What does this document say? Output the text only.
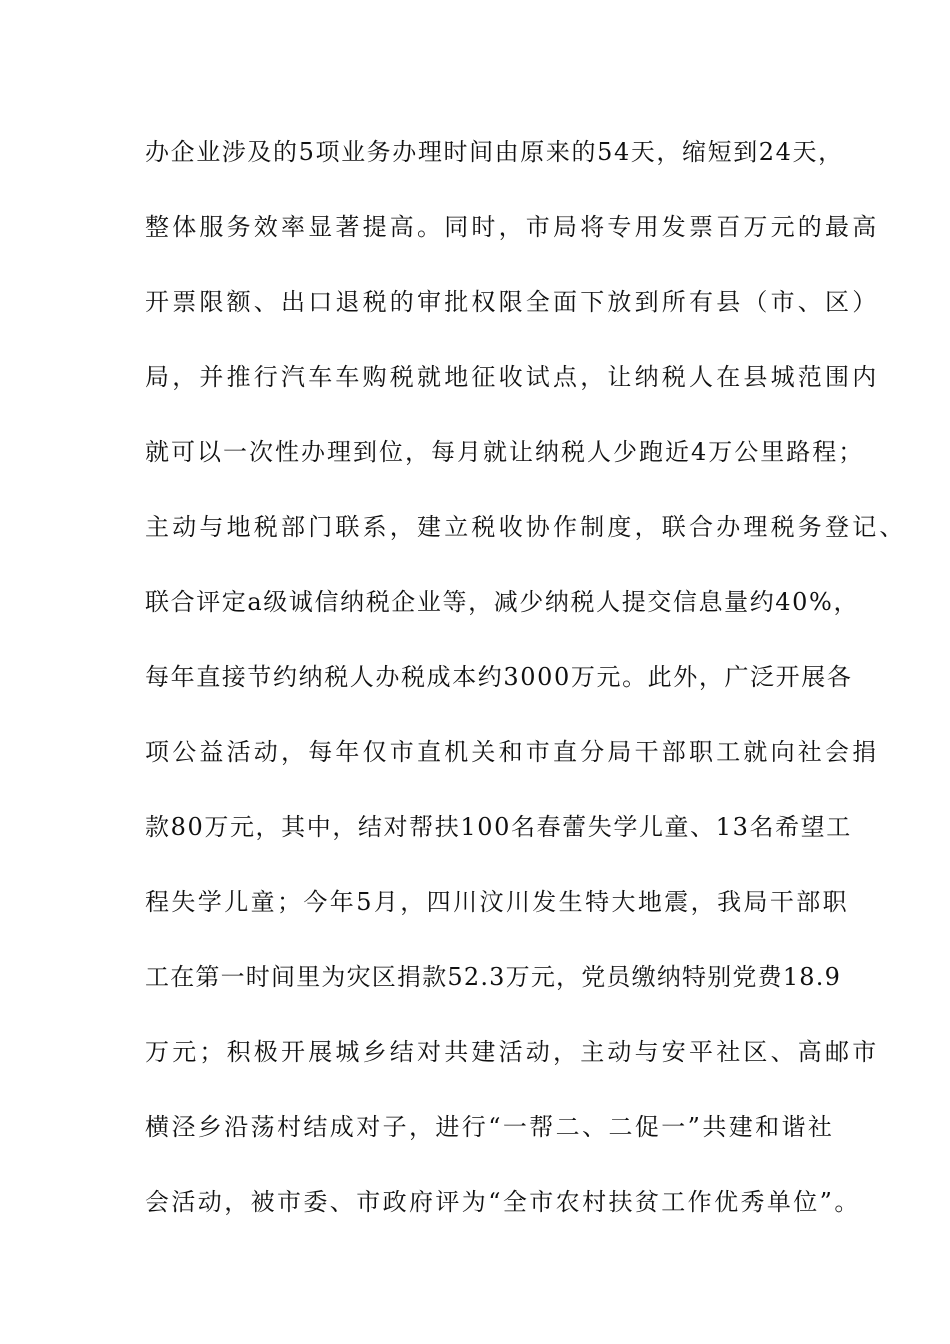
办企业涉及的5项业务办理时间由原来的54天，缩短到24天，
整体服务效率显著提高。同时，市局将专用发票百万元的最高
开票限额、出口退税的审批权限全面下放到所有县（市、区）
局，并推行汽车车购税就地征收试点，让纳税人在县城范围内
就可以一次性办理到位，每月就让纳税人少跑近4万公里路程；
主动与地税部门联系，建立税收协作制度，联合办理税务登记、
联合评定a级诚信纳税企业等，减少纳税人提交信息量约40%，
每年直接节约纳税人办税成本约3000万元。此外，广泛开展各
项公益活动，每年仅市直机关和市直分局干部职工就向社会捐
款80万元，其中，结对帮扶100名春蕾失学儿童、13名希望工
程失学儿童；今年5月，四川汶川发生特大地震，我局干部职
工在第一时间里为灾区捐款52.3万元，党员缴纳特别党费18.9
万元；积极开展城乡结对共建活动，主动与安平社区、高邮市
横泾乡沿荡村结成对子，进行“一帮二、二促一”共建和谐社
会活动，被市委、市政府评为“全市农村扶贫工作优秀单位”。
